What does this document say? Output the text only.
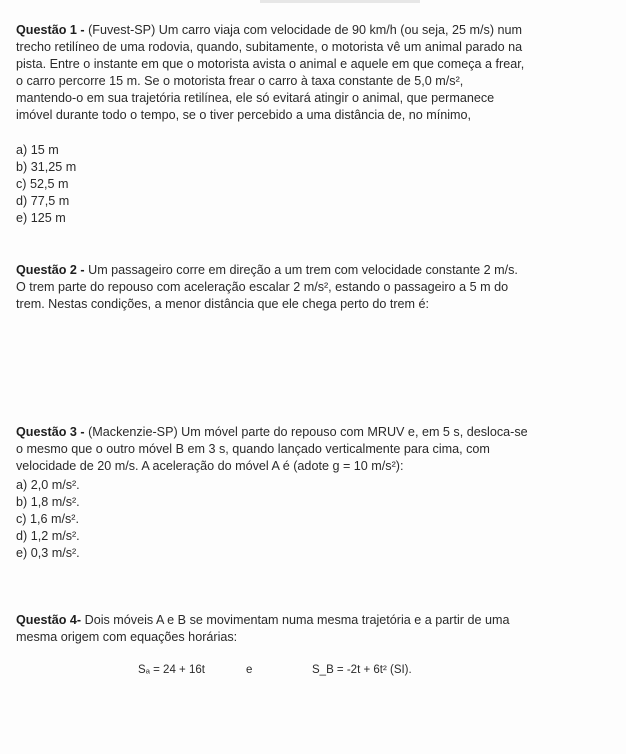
Questão 1 - (Fuvest-SP) Um carro viaja com velocidade de 90 km/h (ou seja, 25 m/s) num
trecho retilíneo de uma rodovia, quando, subitamente, o motorista vê um animal parado na
pista. Entre o instante em que o motorista avista o animal e aquele em que começa a frear,
o carro percorre 15 m. Se o motorista frear o carro à taxa constante de 5,0 m/s²,
mantendo-o em sua trajetória retilínea, ele só evitará atingir o animal, que permanece
imóvel durante todo o tempo, se o tiver percebido a uma distância de, no mínimo,

a) 15 m
b) 31,25 m
c) 52,5 m
d) 77,5 m
e) 125 m

Questão 2 - Um passageiro corre em direção a um trem com velocidade constante 2 m/s.
O trem parte do repouso com aceleração escalar 2 m/s², estando o passageiro a 5 m do
trem. Nestas condições, a menor distância que ele chega perto do trem é:

Questão 3 - (Mackenzie-SP) Um móvel parte do repouso com MRUV e, em 5 s, desloca-se
o mesmo que o outro móvel B em 3 s, quando lançado verticalmente para cima, com
velocidade de 20 m/s. A aceleração do móvel A é (adote g = 10 m/s²):

a) 2,0 m/s².
b) 1,8 m/s².
c) 1,6 m/s².
d) 1,2 m/s².
e) 0,3 m/s².

Questão 4- Dois móveis A e B se movimentam numa mesma trajetória e a partir de uma
mesma origem com equações horárias:

Sₐ = 24 + 16t	e	S_B = -2t + 6t² (SI).
